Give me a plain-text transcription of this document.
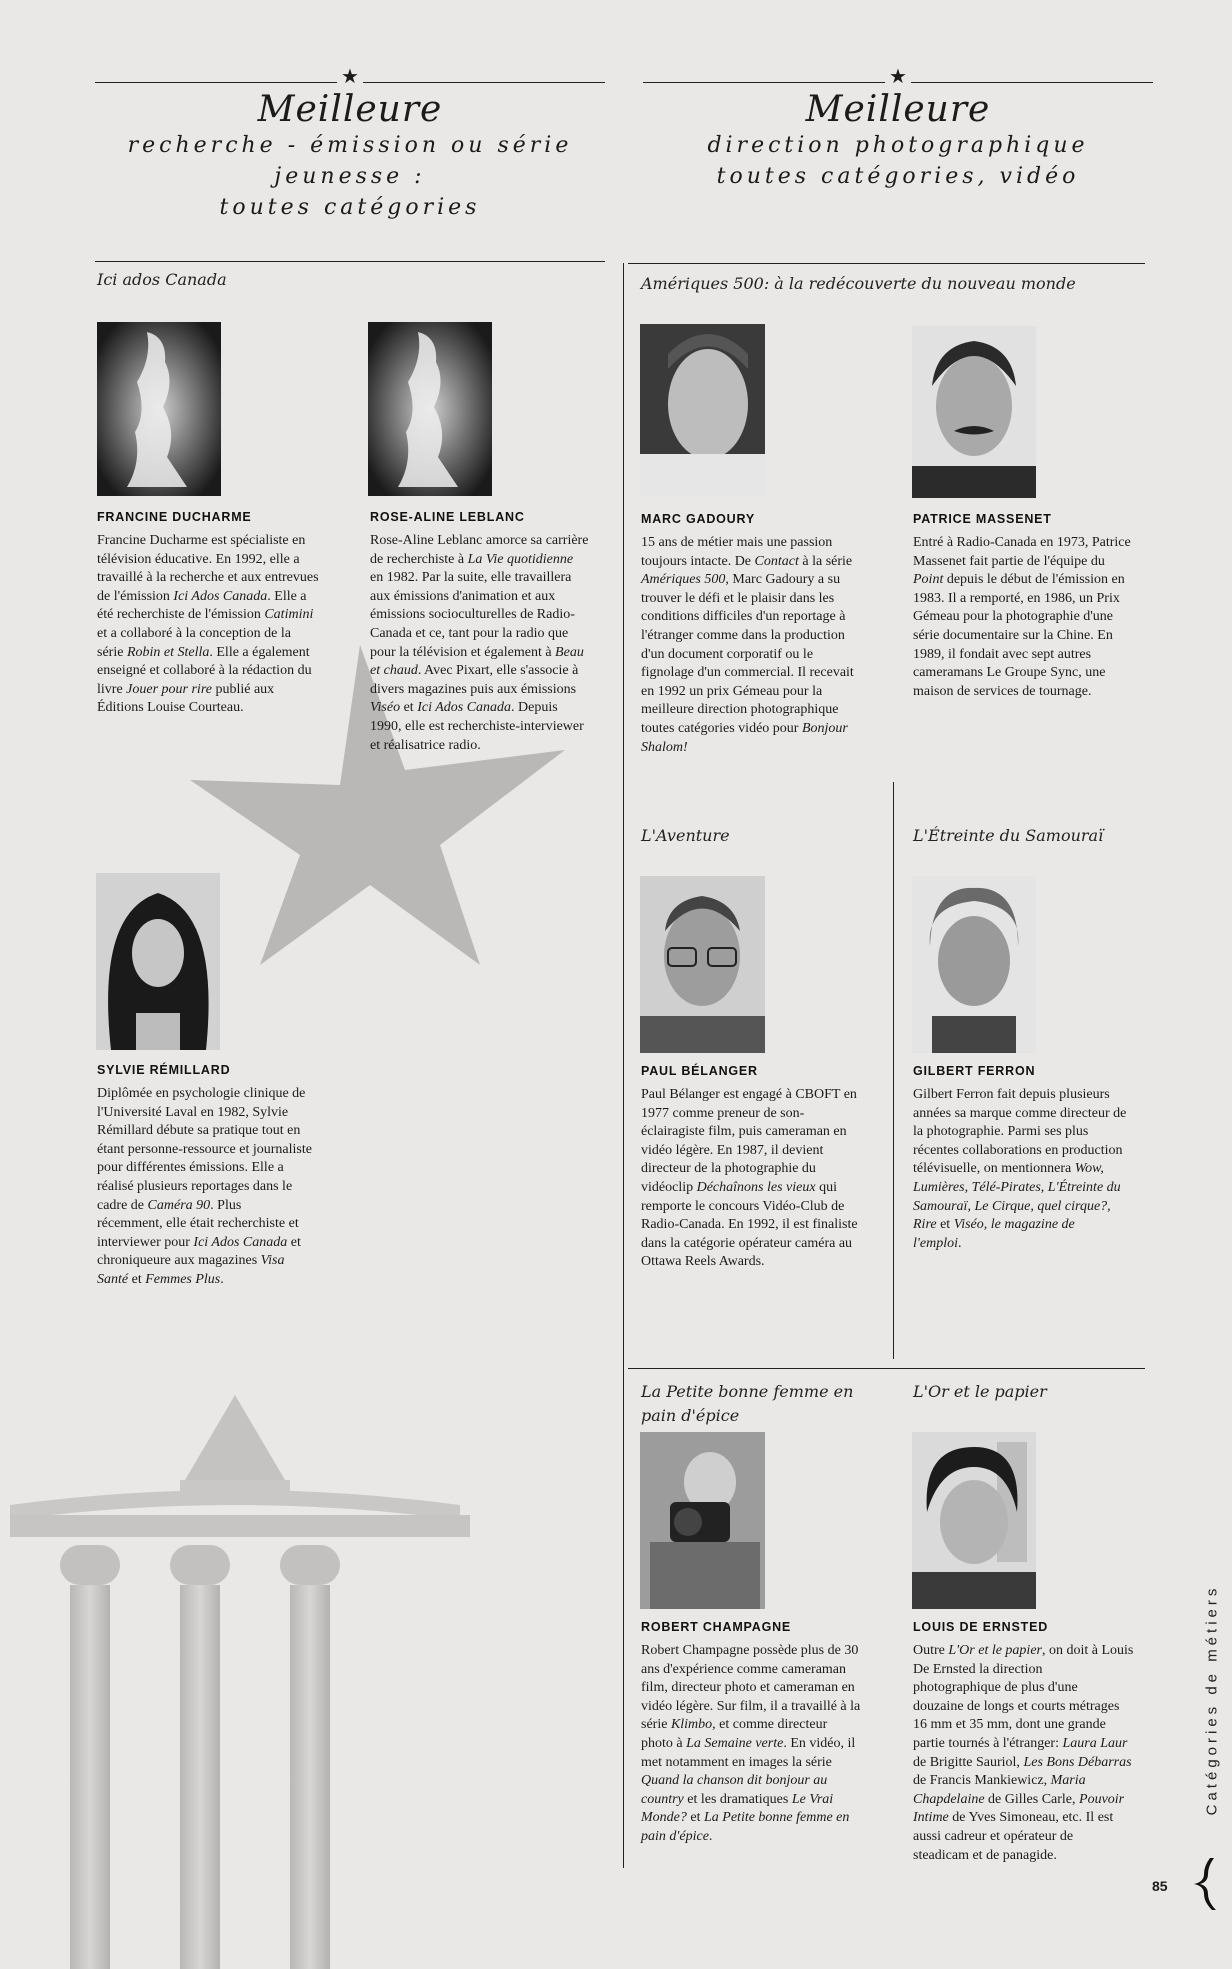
★
Meilleure
recherche - émission ou série jeunesse :
toutes catégories
★
Meilleure
direction photographique
toutes catégories, vidéo
Ici ados Canada	Amériques 500: à la redécouverte du nouveau monde
L'Aventure	L'Étreinte du Samouraï
La Petite bonne femme en
pain d'épice
L'Or et le papier
FRANCINE DUCHARME	ROSE-ALINE LEBLANC	MARC GADOURY	PATRICE MASSENET
SYLVIE RÉMILLARD	PAUL BÉLANGER	GILBERT FERRON
ROBERT CHAMPAGNE	LOUIS DE ERNSTED
Francine Ducharme est spécialiste en
télévision éducative. En 1992, elle a
travaillé à la recherche et aux entrevues
de l'émission Ici Ados Canada. Elle a
été recherchiste de l'émission Catimini
et a collaboré à la conception de la
série Robin et Stella. Elle a également
enseigné et collaboré à la rédaction du
livre Jouer pour rire publié aux
Éditions Louise Courteau.
Rose-Aline Leblanc amorce sa carrière
de recherchiste à La Vie quotidienne
en 1982. Par la suite, elle travaillera
aux émissions d'animation et aux
émissions socioculturelles de Radio-
Canada et ce, tant pour la radio que
pour la télévision et également à Beau
et chaud. Avec Pixart, elle s'associe à
divers magazines puis aux émissions
Viséo et Ici Ados Canada. Depuis
1990, elle est recherchiste-interviewer
et réalisatrice radio.
Diplômée en psychologie clinique de
l'Université Laval en 1982, Sylvie
Rémillard débute sa pratique tout en
étant personne-ressource et journaliste
pour différentes émissions. Elle a
réalisé plusieurs reportages dans le
cadre de Caméra 90. Plus
récemment, elle était recherchiste et
interviewer pour Ici Ados Canada et
chroniqueure aux magazines Visa
Santé et Femmes Plus.
15 ans de métier mais une passion
toujours intacte. De Contact à la série
Amériques 500, Marc Gadoury a su
trouver le défi et le plaisir dans les
conditions difficiles d'un reportage à
l'étranger comme dans la production
d'un document corporatif ou le
fignolage d'un commercial. Il recevait
en 1992 un prix Gémeau pour la
meilleure direction photographique
toutes catégories vidéo pour Bonjour
Shalom!
Entré à Radio-Canada en 1973, Patrice
Massenet fait partie de l'équipe du
Point depuis le début de l'émission en
1983. Il a remporté, en 1986, un Prix
Gémeau pour la photographie d'une
série documentaire sur la Chine. En
1989, il fondait avec sept autres
cameramans Le Groupe Sync, une
maison de services de tournage.
Paul Bélanger est engagé à CBOFT en
1977 comme preneur de son-
éclairagiste film, puis cameraman en
vidéo légère. En 1987, il devient
directeur de la photographie du
vidéoclip Déchaînons les vieux qui
remporte le concours Vidéo-Club de
Radio-Canada. En 1992, il est finaliste
dans la catégorie opérateur caméra au
Ottawa Reels Awards.
Gilbert Ferron fait depuis plusieurs
années sa marque comme directeur de
la photographie. Parmi ses plus
récentes collaborations en production
télévisuelle, on mentionnera Wow,
Lumières, Télé-Pirates, L'Étreinte du
Samouraï, Le Cirque, quel cirque?,
Rire et Viséo, le magazine de
l'emploi.
Robert Champagne possède plus de 30
ans d'expérience comme cameraman
film, directeur photo et cameraman en
vidéo légère. Sur film, il a travaillé à la
série Klimbo, et comme directeur
photo à La Semaine verte. En vidéo, il
met notamment en images la série
Quand la chanson dit bonjour au
country et les dramatiques Le Vrai
Monde? et La Petite bonne femme en
pain d'épice.
Outre L'Or et le papier, on doit à Louis
De Ernsted la direction
photographique de plus d'une
douzaine de longs et courts métrages
16 mm et 35 mm, dont une grande
partie tournés à l'étranger: Laura Laur
de Brigitte Sauriol, Les Bons Débarras
de Francis Mankiewicz, Maria
Chapdelaine de Gilles Carle, Pouvoir
Intime de Yves Simoneau, etc. Il est
aussi cadreur et opérateur de
steadicam et de panagide.
Catégories de métiers
85
